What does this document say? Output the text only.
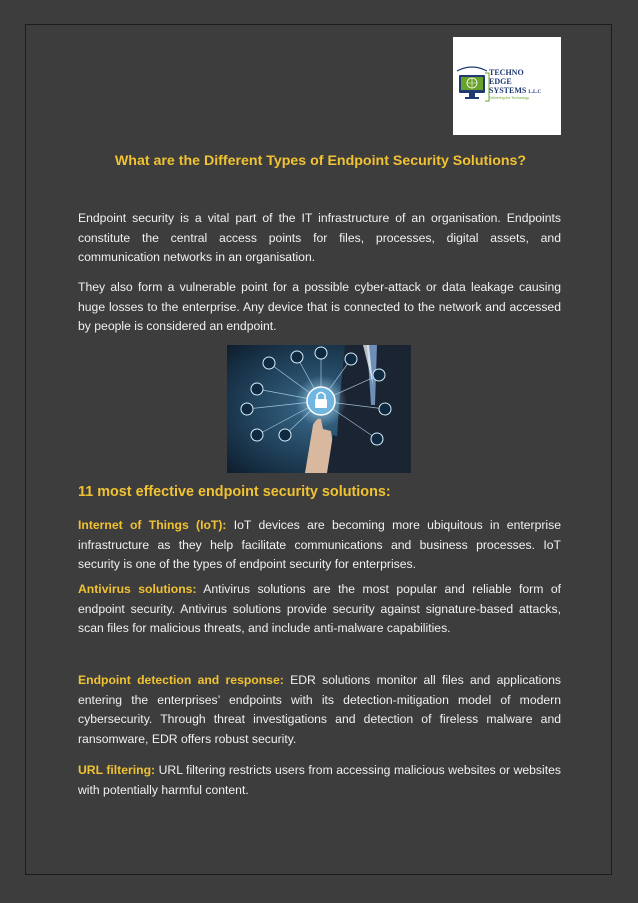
TECHNO
EDGE
SYSTEMS L.L.C
Delivering the Technology
What are the Different Types of Endpoint Security Solutions?

Endpoint security is a vital part of the IT infrastructure of an organisation. Endpoints constitute the central access points for files, processes, digital assets, and communication networks in an organisation.

They also form a vulnerable point for a possible cyber-attack or data leakage causing huge losses to the enterprise. Any device that is connected to the network and accessed by people is considered an endpoint.

11 most effective endpoint security solutions:

Internet of Things (IoT): IoT devices are becoming more ubiquitous in enterprise infrastructure as they help facilitate communications and business processes. IoT security is one of the types of endpoint security for enterprises.

Antivirus solutions: Antivirus solutions are the most popular and reliable form of endpoint security. Antivirus solutions provide security against signature-based attacks, scan files for malicious threats, and include anti-malware capabilities.

Endpoint detection and response: EDR solutions monitor all files and applications entering the enterprises’ endpoints with its detection-mitigation model of modern cybersecurity. Through threat investigations and detection of fireless malware and ransomware, EDR offers robust security.

URL filtering: URL filtering restricts users from accessing malicious websites or websites with potentially harmful content.
